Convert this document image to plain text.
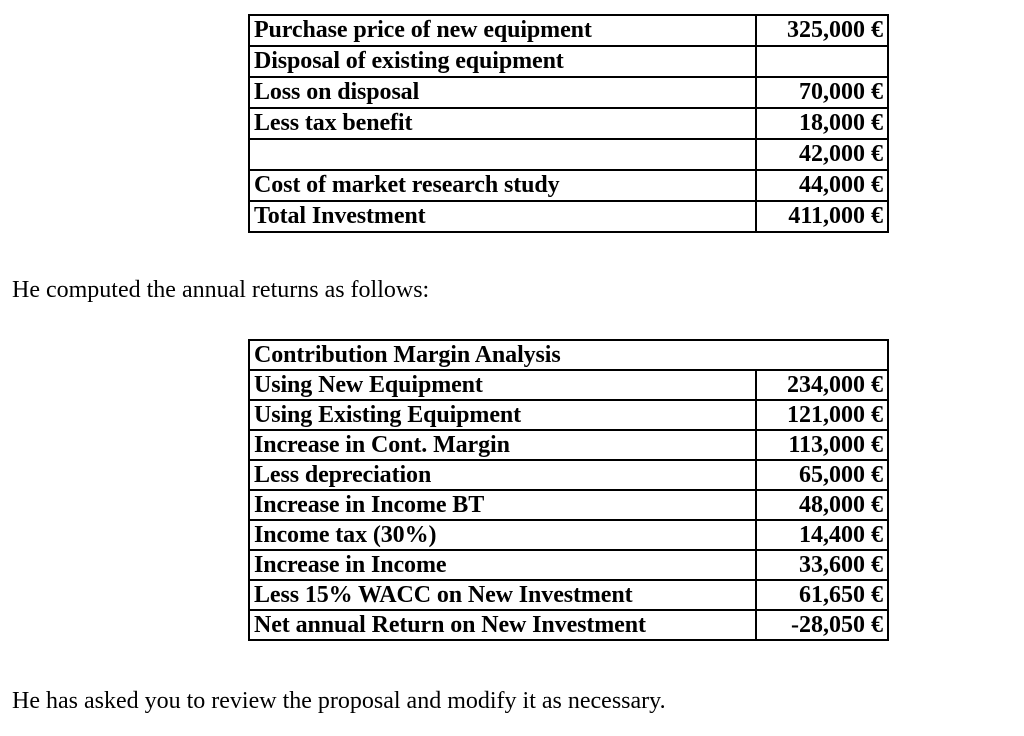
Purchase price of new equipment	325,000 €
Disposal of existing equipment	
Loss on disposal	70,000 €
Less tax benefit	18,000 €
	42,000 €
Cost of market research study	44,000 €
Total Investment	411,000 €

He computed the annual returns as follows:

Contribution Margin Analysis	
Using New Equipment	234,000 €
Using Existing Equipment	121,000 €
Increase in Cont. Margin	113,000 €
Less depreciation	65,000 €
Increase in Income BT	48,000 €
Income tax (30%)	14,400 €
Increase in Income	33,600 €
Less 15% WACC on New Investment	61,650 €
Net annual Return on New Investment	-28,050 €

He has asked you to review the proposal and modify it as necessary.
